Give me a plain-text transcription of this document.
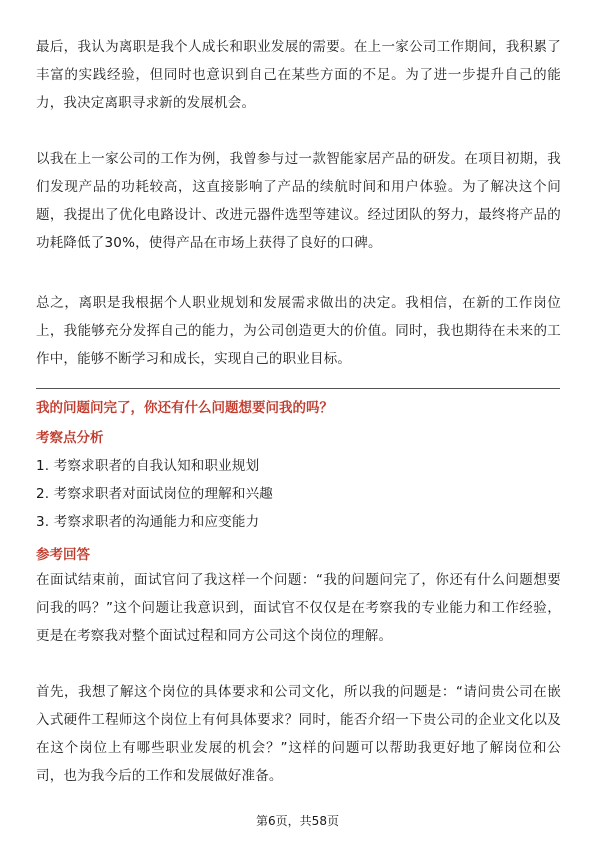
最后，我认为离职是我个人成长和职业发展的需要。在上一家公司工作期间，我积累了丰富的实践经验，但同时也意识到自己在某些方面的不足。为了进一步提升自己的能力，我决定离职寻求新的发展机会。

以我在上一家公司的工作为例，我曾参与过一款智能家居产品的研发。在项目初期，我们发现产品的功耗较高，这直接影响了产品的续航时间和用户体验。为了解决这个问题，我提出了优化电路设计、改进元器件选型等建议。经过团队的努力，最终将产品的功耗降低了30%，使得产品在市场上获得了良好的口碑。

总之，离职是我根据个人职业规划和发展需求做出的决定。我相信，在新的工作岗位上，我能够充分发挥自己的能力，为公司创造更大的价值。同时，我也期待在未来的工作中，能够不断学习和成长，实现自己的职业目标。

我的问题问完了，你还有什么问题想要问我的吗？

考察点分析

1. 考察求职者的自我认知和职业规划
2. 考察求职者对面试岗位的理解和兴趣
3. 考察求职者的沟通能力和应变能力

参考回答

在面试结束前，面试官问了我这样一个问题：“我的问题问完了，你还有什么问题想要问我的吗？”这个问题让我意识到，面试官不仅仅是在考察我的专业能力和工作经验，更是在考察我对整个面试过程和同方公司这个岗位的理解。

首先，我想了解这个岗位的具体要求和公司文化，所以我的问题是：“请问贵公司在嵌入式硬件工程师这个岗位上有何具体要求？同时，能否介绍一下贵公司的企业文化以及在这个岗位上有哪些职业发展的机会？”这样的问题可以帮助我更好地了解岗位和公司，也为我今后的工作和发展做好准备。

第6页，共58页
